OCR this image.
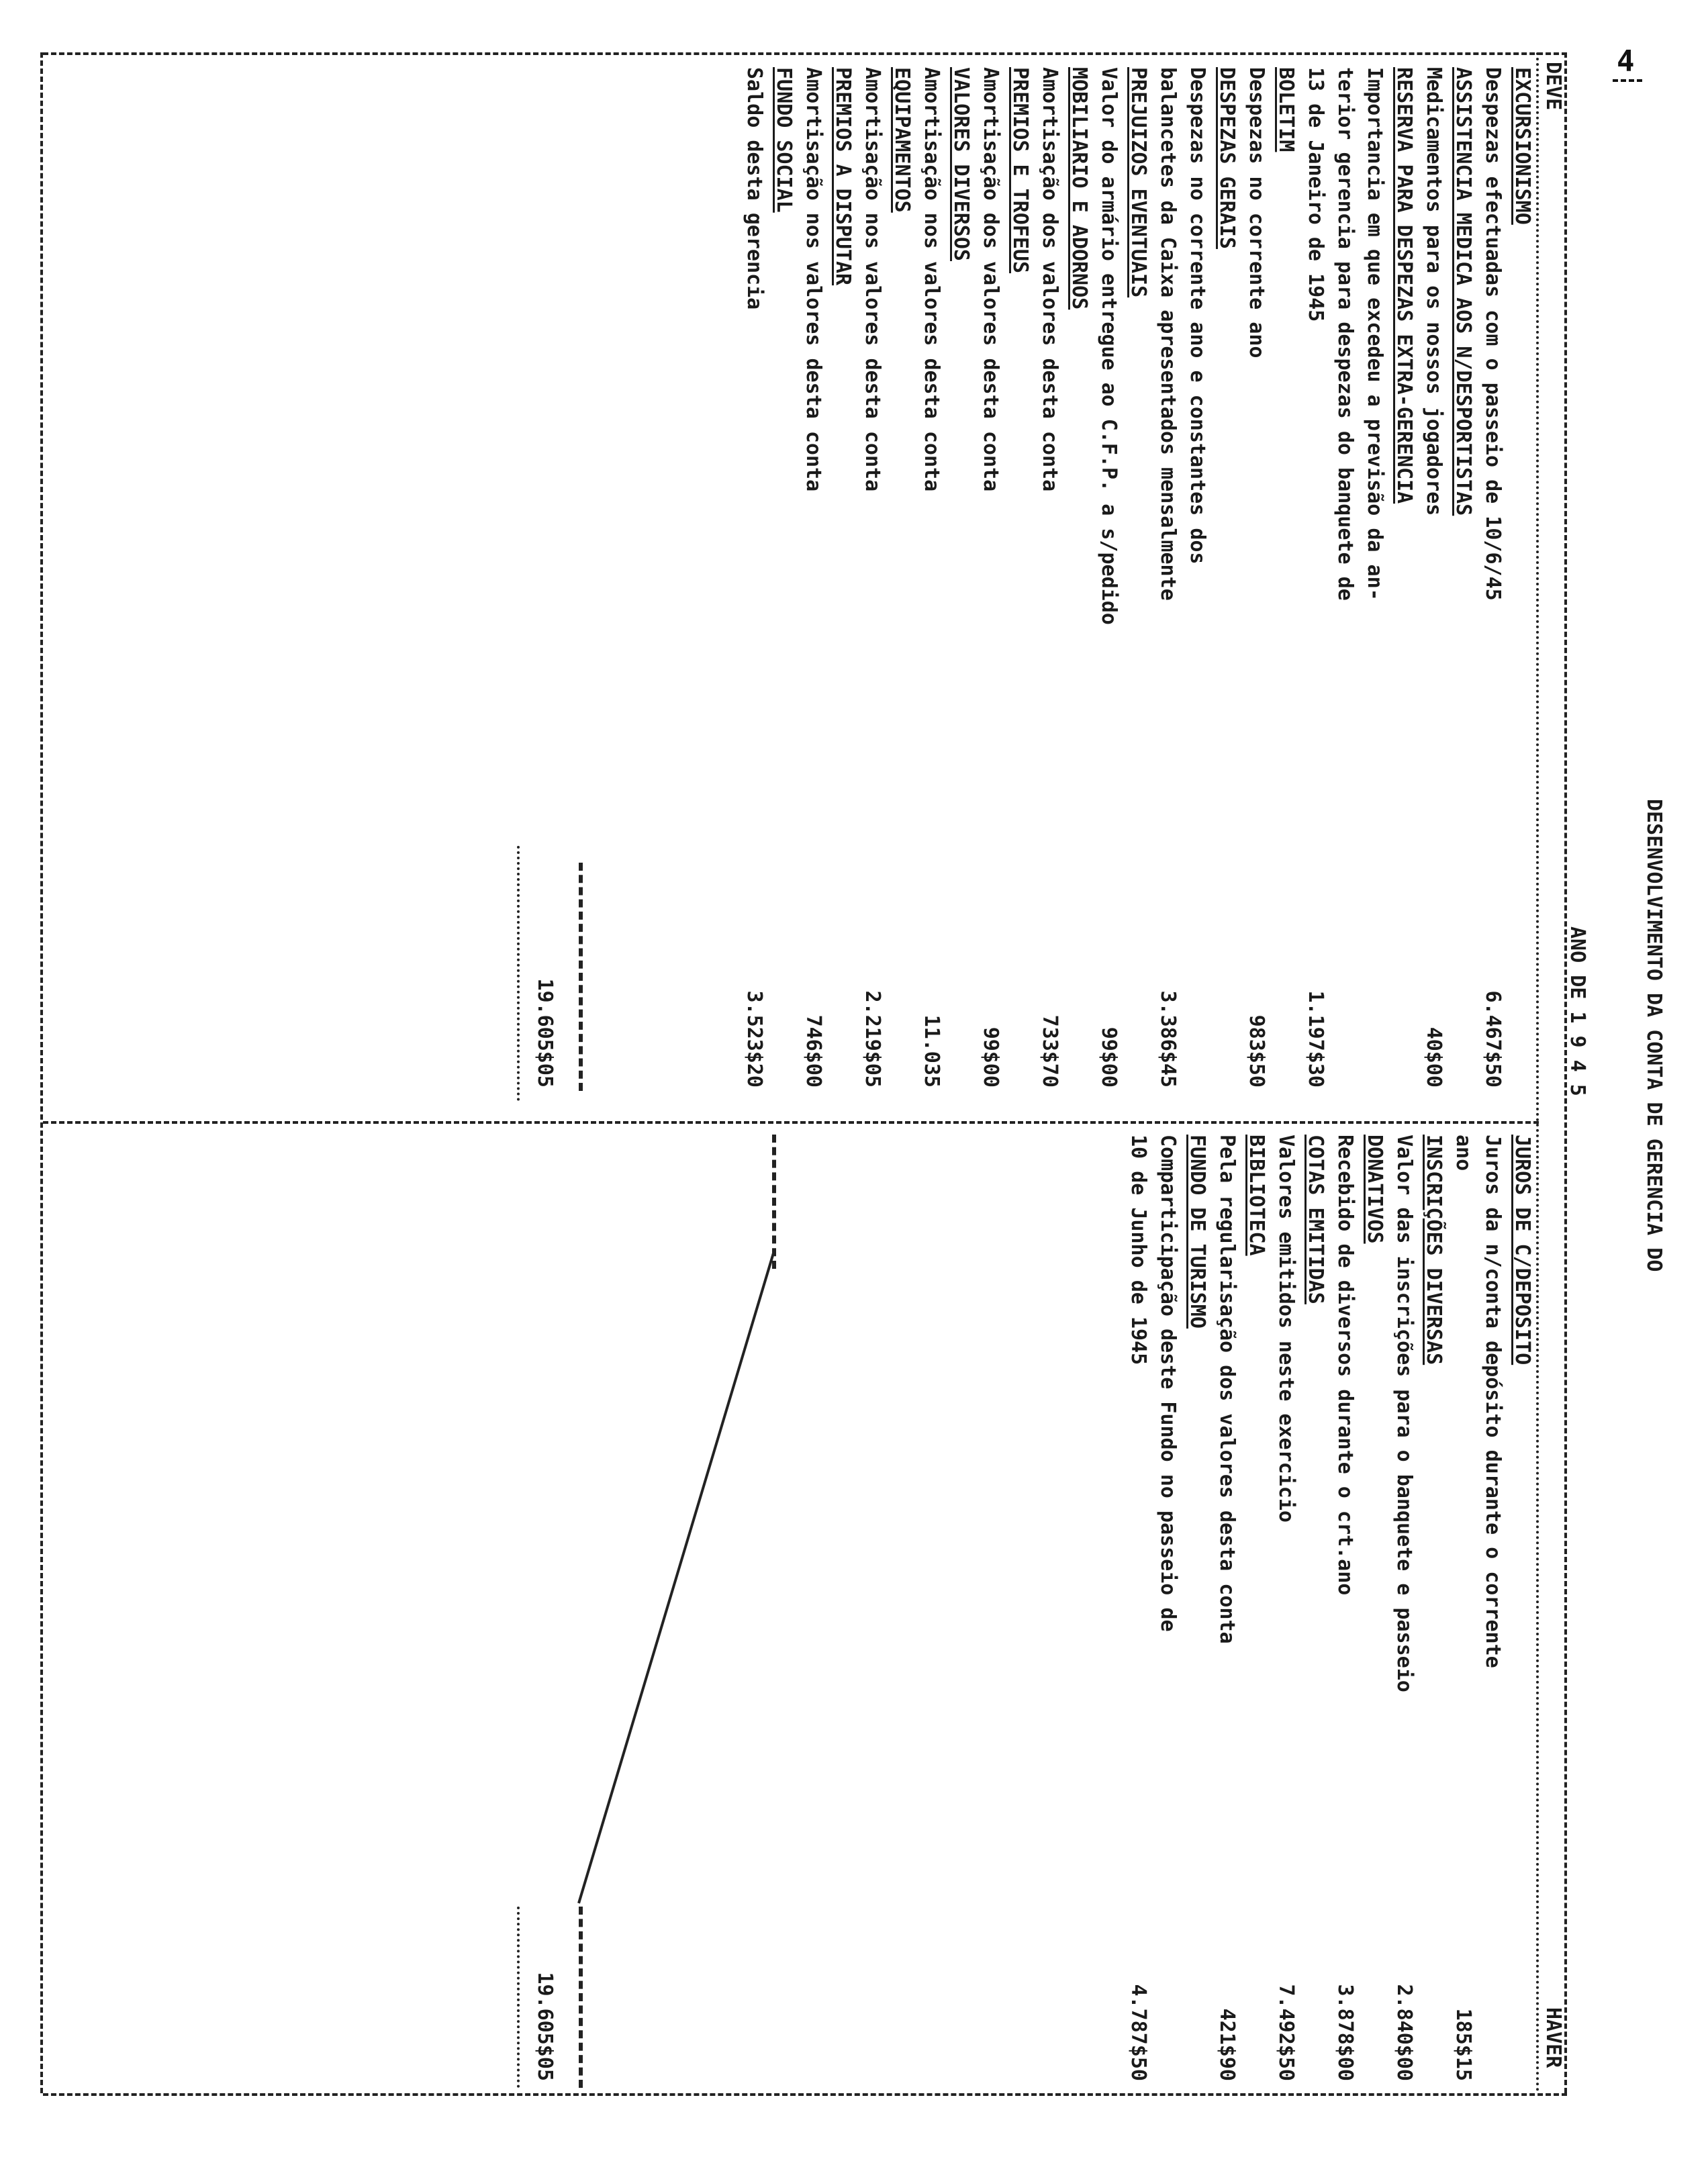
4
DESENVOLVIMENTO DA CONTA DE GERENCIA DO
ANO DE 1 9 4 5
DEVE
HAVER
EXCURSIONISMO
Despezas efectuadas com o passeio de 10/6/45
6.467$50
ASSISTENCIA MEDICA AOS N/DESPORTISTAS
Medicamentos para os nossos jogadores
40$00
RESERVA PARA DESPEZAS EXTRA-GERENCIA
Importancia em que excedeu a previsão da an-
terior gerencia para despezas do banquete de
13 de Janeiro de 1945
1.197$30
BOLETIM
Despezas no corrente ano
983$50
DESPEZAS GERAIS
Despezas no corrente ano e constantes dos
balancetes da Caixa apresentados mensalmente
3.386$45
PREJUIZOS EVENTUAIS
Valor do armário entregue ao C.F.P. a s/pedido
99$00
MOBILIARIO E ADORNOS
Amortisação dos valores desta conta
733$70
PREMIOS E TROFEUS
Amortisação dos valores desta conta
99$00
VALORES DIVERSOS
Amortisação nos valores desta conta
11.035
EQUIPAMENTOS
Amortisação nos valores desta conta
2.219$05
PREMIOS A DISPUTAR
Amortisação nos valores desta conta
746$00
FUNDO SOCIAL
Saldo desta gerencia
3.523$20
JUROS DE C/DEPOSITO
Juros da n/conta depósito durante o corrente
ano
185$15
INSCRIÇÕES DIVERSAS
Valor das inscrições para o banquete e passeio
2.840$00
DONATIVOS
Recebido de diversos durante o crt.ano
3.878$00
COTAS EMITIDAS
Valores emitidos neste exercicio
7.492$50
BIBLIOTECA
Pela regularisação dos valores desta conta
421$90
FUNDO DE TURISMO
Comparticipação deste Fundo no passeio de
10 de Junho de 1945
4.787$50
19.605$05
19.605$05
